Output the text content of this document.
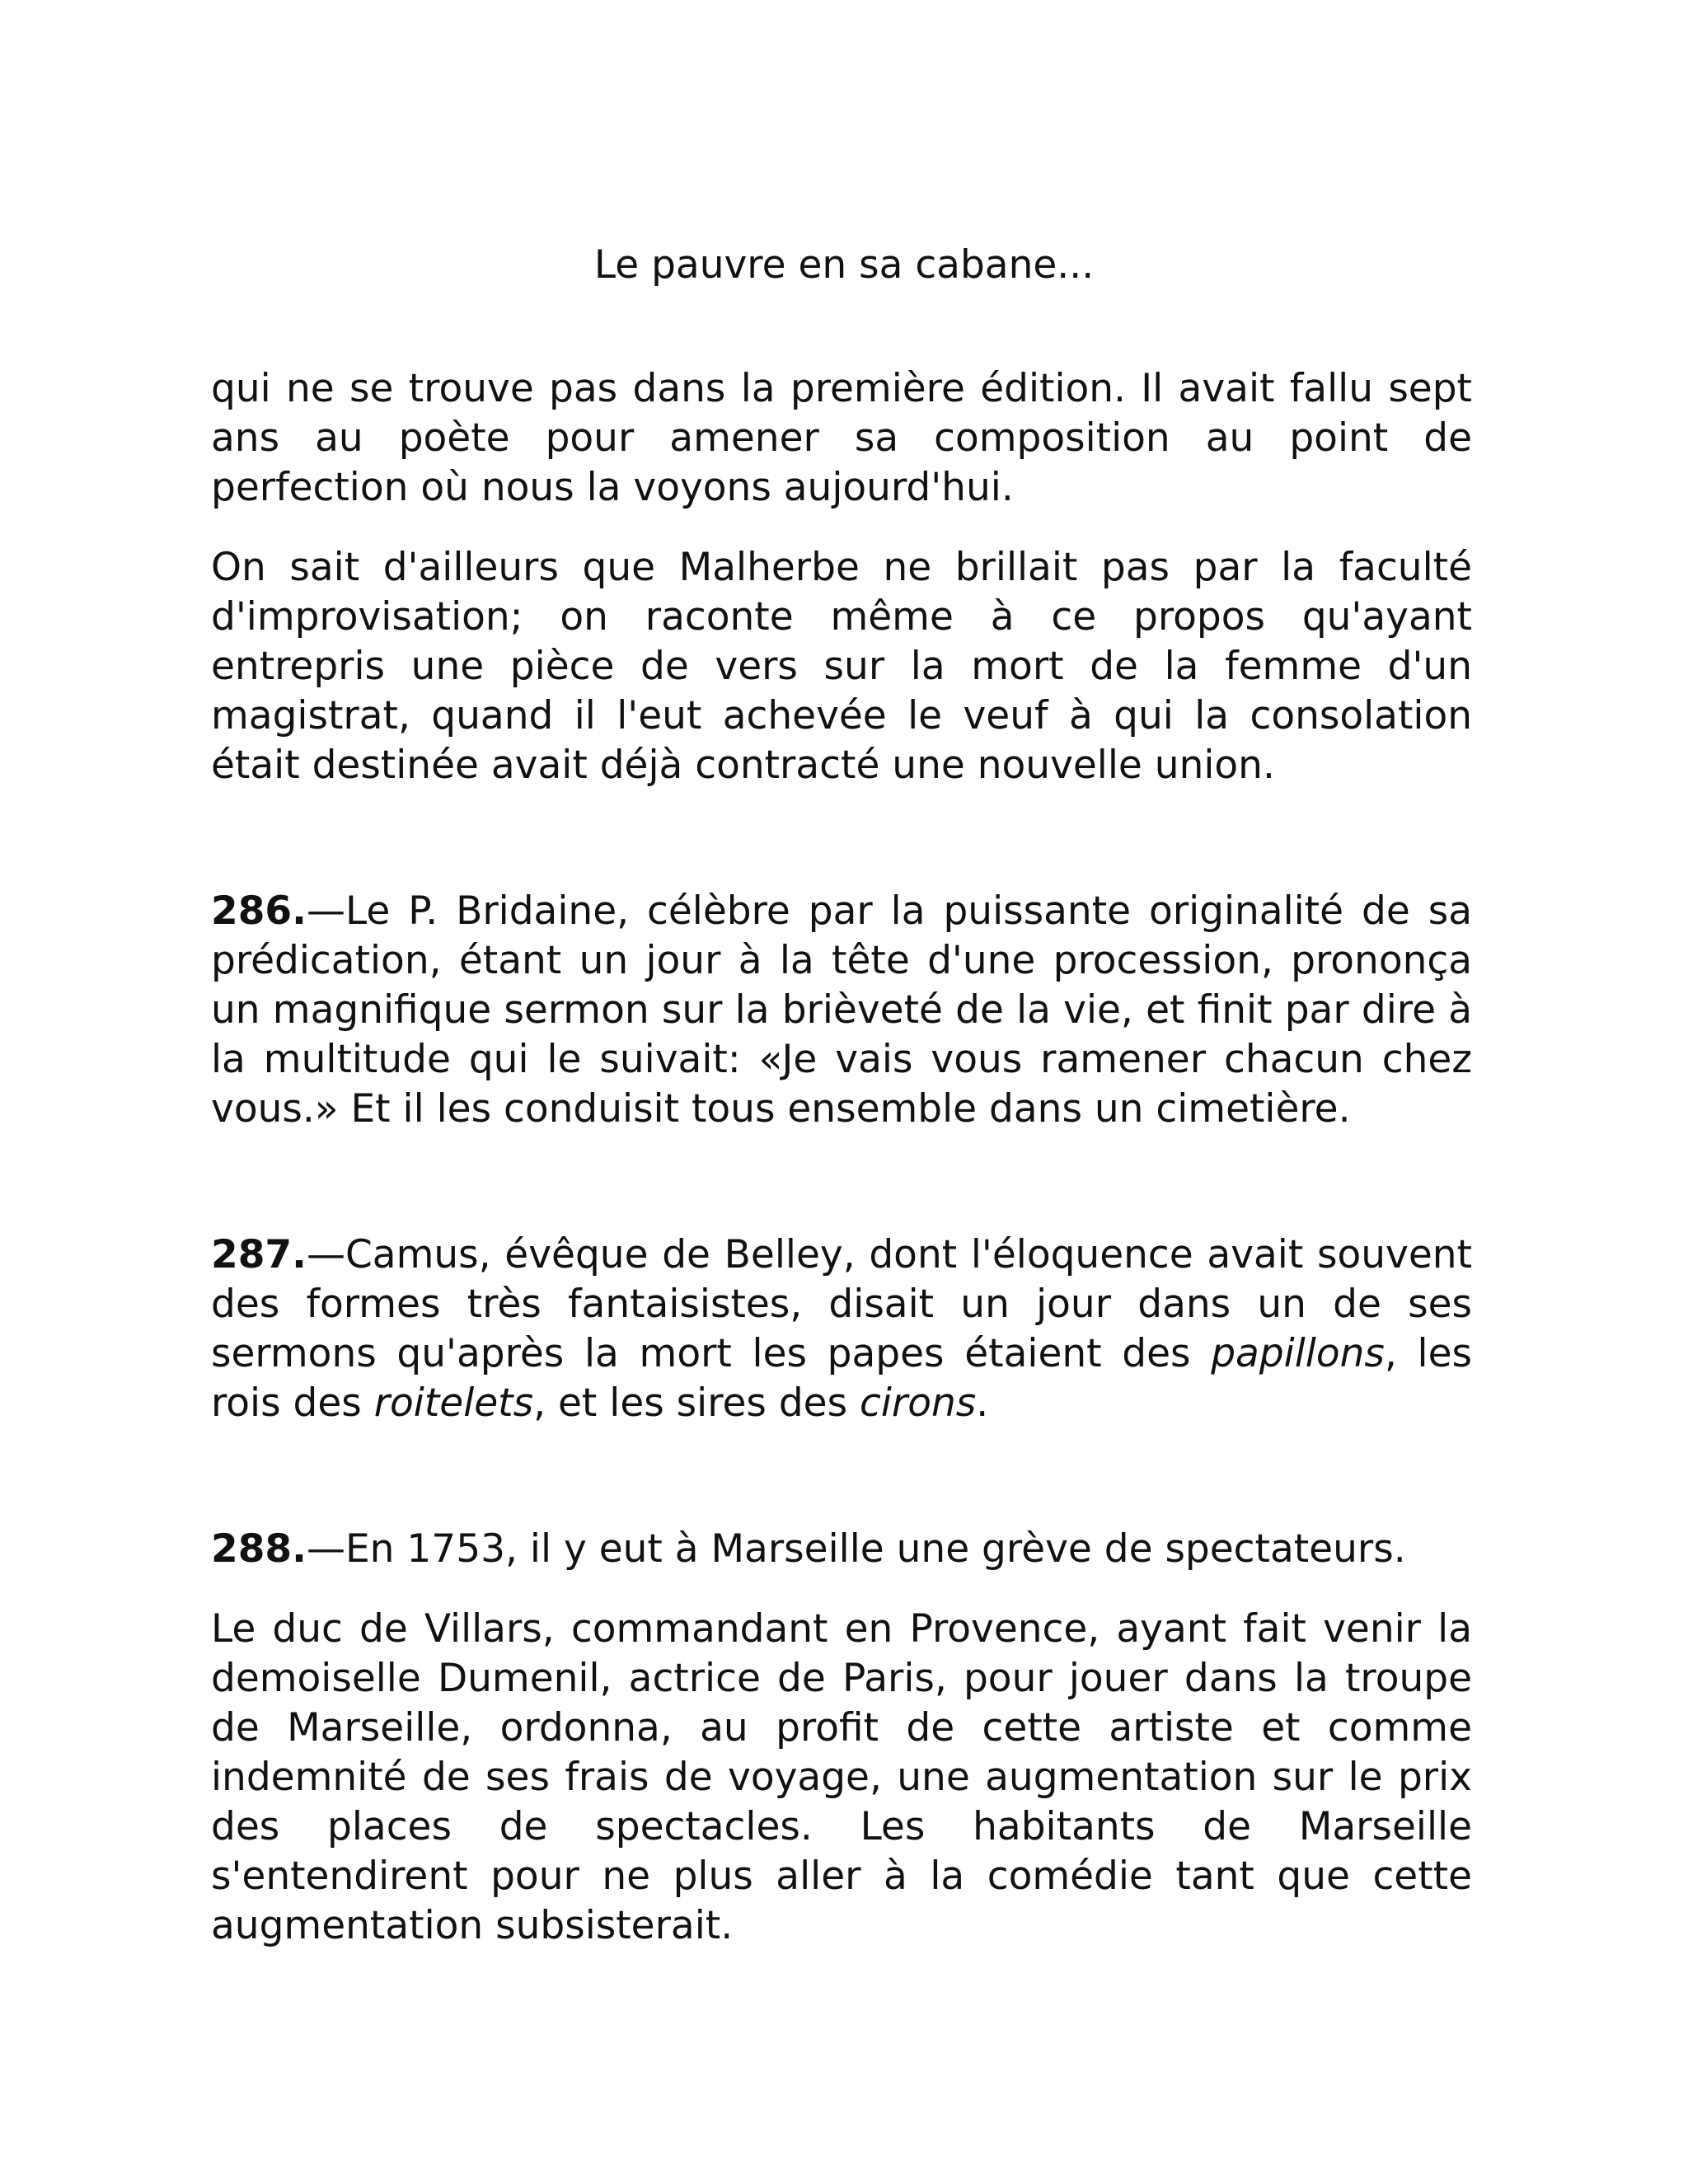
Le pauvre en sa cabane...

qui ne se trouve pas dans la première édition. Il avait fallu sept ans au poète pour amener sa composition au point de perfection où nous la voyons aujourd'hui.

On sait d'ailleurs que Malherbe ne brillait pas par la faculté d'improvisation; on raconte même à ce propos qu'ayant entrepris une pièce de vers sur la mort de la femme d'un magistrat, quand il l'eut achevée le veuf à qui la consolation était destinée avait déjà contracté une nouvelle union.

286.—Le P. Bridaine, célèbre par la puissante originalité de sa prédication, étant un jour à la tête d'une procession, prononça un magnifique sermon sur la brièveté de la vie, et finit par dire à la multitude qui le suivait: «Je vais vous ramener chacun chez vous.» Et il les conduisit tous ensemble dans un cimetière.

287.—Camus, évêque de Belley, dont l'éloquence avait souvent des formes très fantaisistes, disait un jour dans un de ses sermons qu'après la mort les papes étaient des papillons, les rois des roitelets, et les sires des cirons.

288.—En 1753, il y eut à Marseille une grève de spectateurs.

Le duc de Villars, commandant en Provence, ayant fait venir la demoiselle Dumenil, actrice de Paris, pour jouer dans la troupe de Marseille, ordonna, au profit de cette artiste et comme indemnité de ses frais de voyage, une augmentation sur le prix des places de spectacles. Les habitants de Marseille s'entendirent pour ne plus aller à la comédie tant que cette augmentation subsisterait.
